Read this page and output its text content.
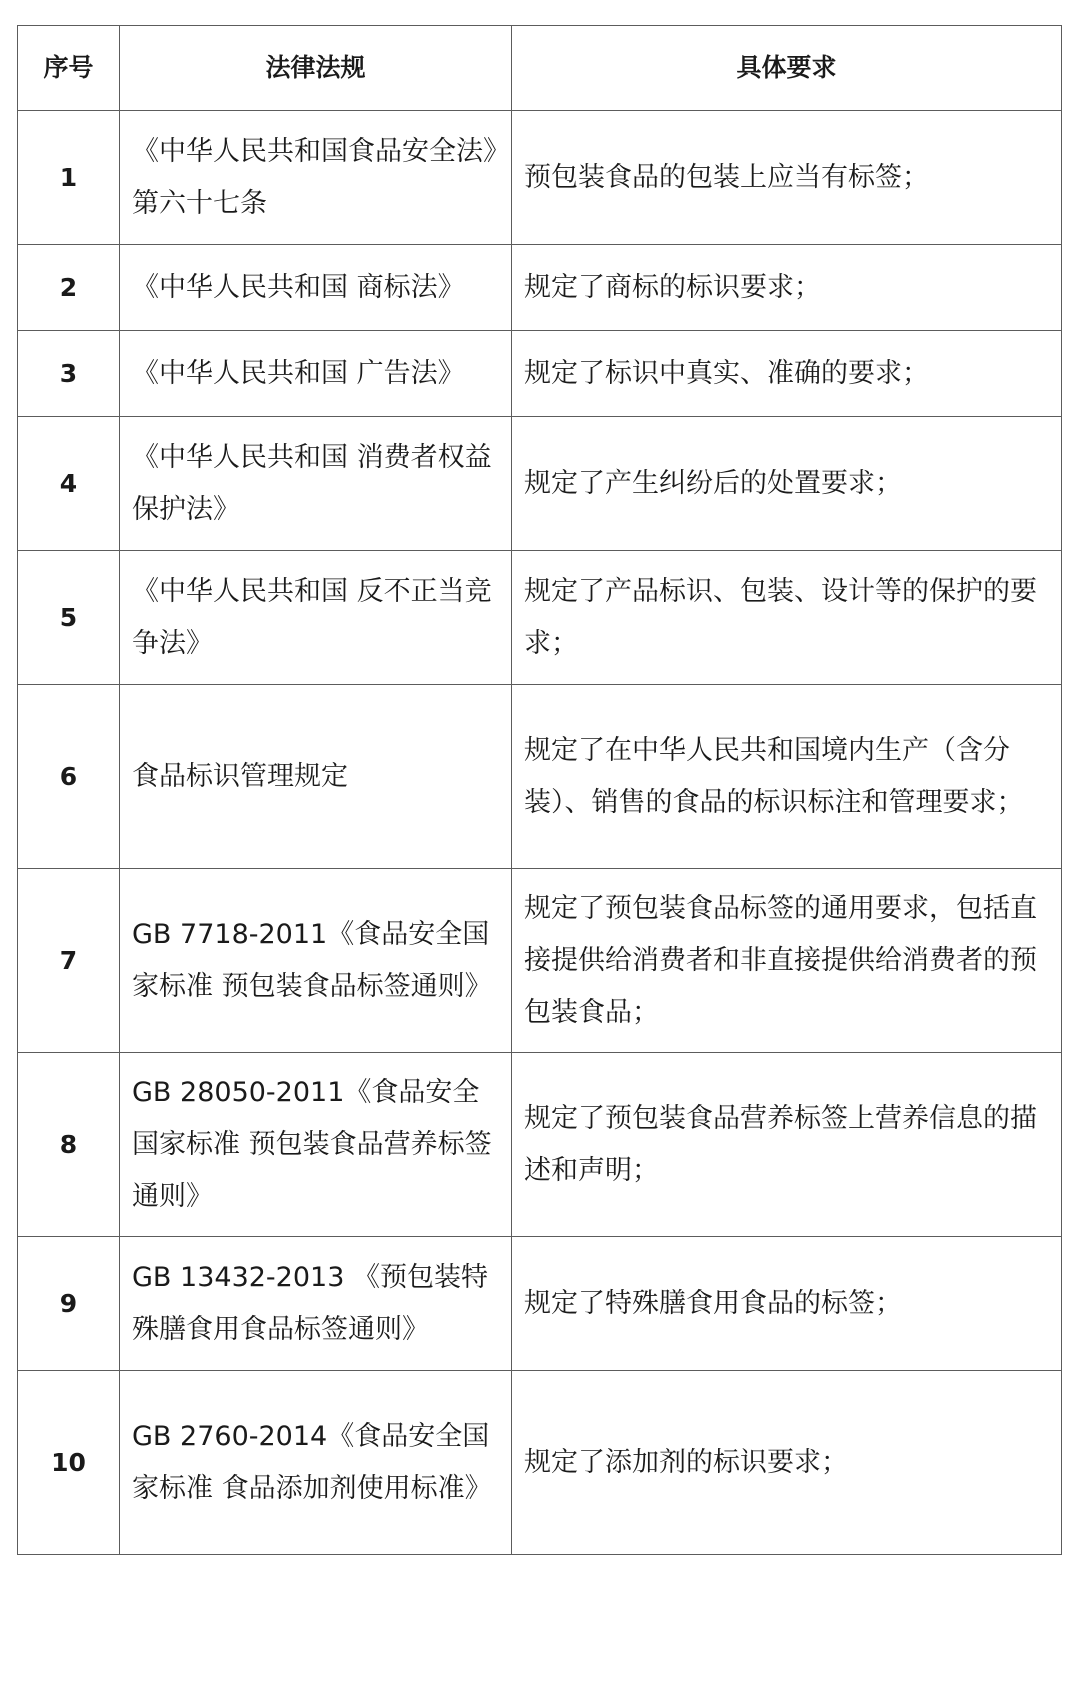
序号	法律法规	具体要求
1	《中华人民共和国食品安全法》第六十七条	预包装食品的包装上应当有标签；
2	《中华人民共和国 商标法》	规定了商标的标识要求；
3	《中华人民共和国 广告法》	规定了标识中真实、准确的要求；
4	《中华人民共和国 消费者权益保护法》	规定了产生纠纷后的处置要求；
5	《中华人民共和国 反不正当竞争法》	规定了产品标识、包装、设计等的保护的要求；
6	食品标识管理规定	规定了在中华人民共和国境内生产（含分装）、销售的食品的标识标注和管理要求；
7	GB 7718-2011《食品安全国家标准 预包装食品标签通则》	规定了预包装食品标签的通用要求，包括直接提供给消费者和非直接提供给消费者的预包装食品；
8	GB 28050-2011《食品安全国家标准 预包装食品营养标签通则》	规定了预包装食品营养标签上营养信息的描述和声明；
9	GB 13432-2013 《预包装特殊膳食用食品标签通则》	规定了特殊膳食用食品的标签；
10	GB 2760-2014《食品安全国家标准 食品添加剂使用标准》	规定了添加剂的标识要求；
